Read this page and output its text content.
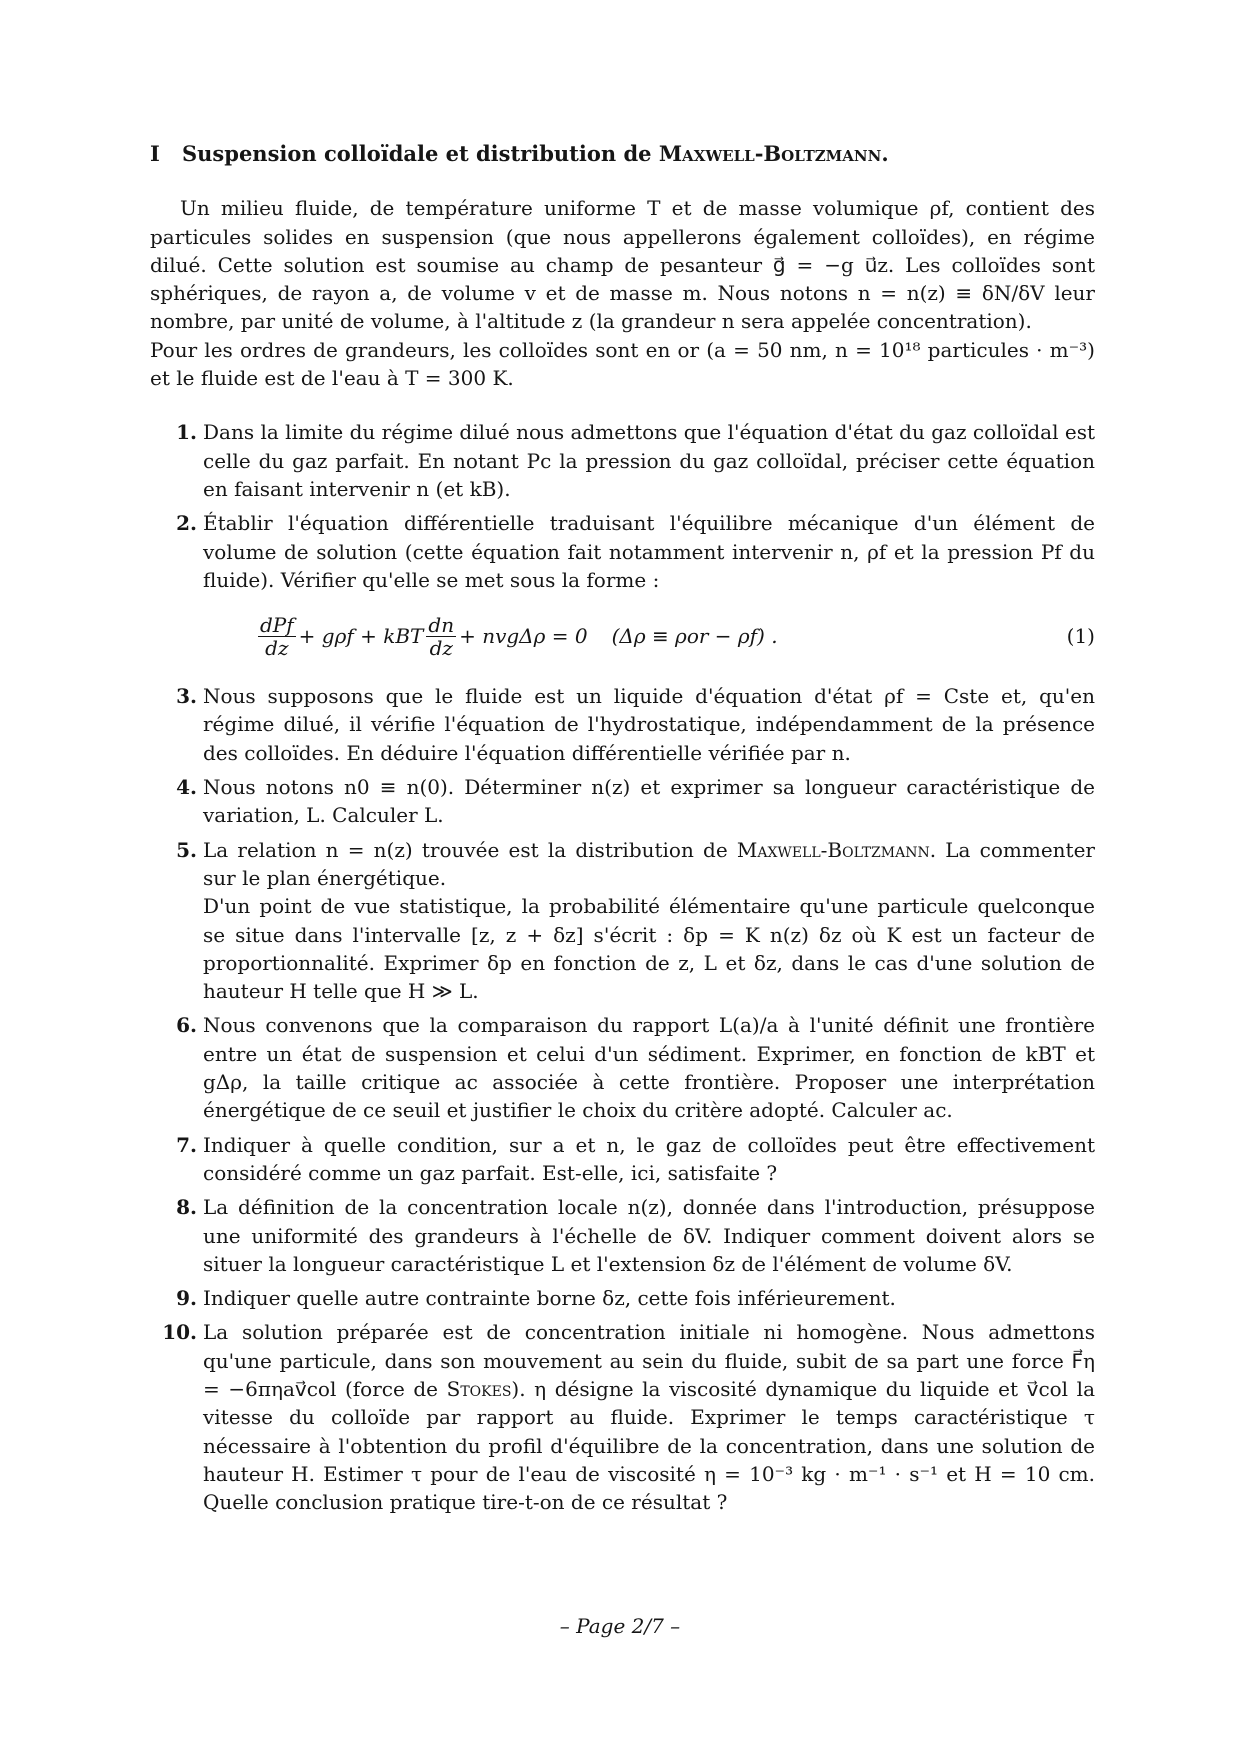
I	Suspension colloïdale et distribution de Maxwell-Boltzmann.

Un milieu fluide, de température uniforme T et de masse volumique ρf, contient des particules solides en suspension (que nous appellerons également colloïdes), en régime dilué. Cette solution est soumise au champ de pesanteur g⃗ = −g u⃗z. Les colloïdes sont sphériques, de rayon a, de volume v et de masse m. Nous notons n = n(z) ≡ δN/δV leur nombre, par unité de volume, à l'altitude z (la grandeur n sera appelée concentration).

Pour les ordres de grandeurs, les colloïdes sont en or (a = 50 nm, n = 10¹⁸ particules · m⁻³) et le fluide est de l'eau à T = 300 K.

1. Dans la limite du régime dilué nous admettons que l'équation d'état du gaz colloïdal est celle du gaz parfait. En notant Pc la pression du gaz colloïdal, préciser cette équation en faisant intervenir n (et kB).

2. Établir l'équation différentielle traduisant l'équilibre mécanique d'un élément de volume de solution (cette équation fait notamment intervenir n, ρf et la pression Pf du fluide). Vérifier qu'elle se met sous la forme :

$\frac{\text{dPf}}{dz} + g\rho f$ + kBT $\frac{dn}{dz} + nvg\Delta\rho = 0$ (Δρ ≡ ρor − ρf) .	(1)
3. Nous supposons que le fluide est un liquide d'équation d'état ρf = Cste et, qu'en régime dilué, il vérifie l'équation de l'hydrostatique, indépendamment de la présence des colloïdes. En déduire l'équation différentielle vérifiée par n.

4. Nous notons n0 ≡ n(0). Déterminer n(z) et exprimer sa longueur caractéristique de variation, L. Calculer L.

5. La relation n = n(z) trouvée est la distribution de Maxwell-Boltzmann. La commenter sur le plan énergétique.

D'un point de vue statistique, la probabilité élémentaire qu'une particule quelconque se situe dans l'intervalle [z, z + δz] s'écrit : δp = K n(z) δz où K est un facteur de proportionnalité. Exprimer δp en fonction de z, L et δz, dans le cas d'une solution de hauteur H telle que H ≫ L.

6. Nous convenons que la comparaison du rapport L(a)/a à l'unité définit une frontière entre un état de suspension et celui d'un sédiment. Exprimer, en fonction de kBT et gΔρ, la taille critique ac associée à cette frontière. Proposer une interprétation énergétique de ce seuil et justifier le choix du critère adopté. Calculer ac.

7. Indiquer à quelle condition, sur a et n, le gaz de colloïdes peut être effectivement considéré comme un gaz parfait. Est-elle, ici, satisfaite ?

8. La définition de la concentration locale n(z), donnée dans l'introduction, présuppose une uniformité des grandeurs à l'échelle de δV. Indiquer comment doivent alors se situer la longueur caractéristique L et l'extension δz de l'élément de volume δV.

9. Indiquer quelle autre contrainte borne δz, cette fois inférieurement.

10. La solution préparée est de concentration initiale ni homogène. Nous admettons qu'une particule, dans son mouvement au sein du fluide, subit de sa part une force F⃗η = −6πηav⃗col (force de Stokes). η désigne la viscosité dynamique du liquide et v⃗col la vitesse du colloïde par rapport au fluide. Exprimer le temps caractéristique τ nécessaire à l'obtention du profil d'équilibre de la concentration, dans une solution de hauteur H. Estimer τ pour de l'eau de viscosité η = 10⁻³ kg · m⁻¹ · s⁻¹ et H = 10 cm. Quelle conclusion pratique tire-t-on de ce résultat ?

– Page 2/7 –
